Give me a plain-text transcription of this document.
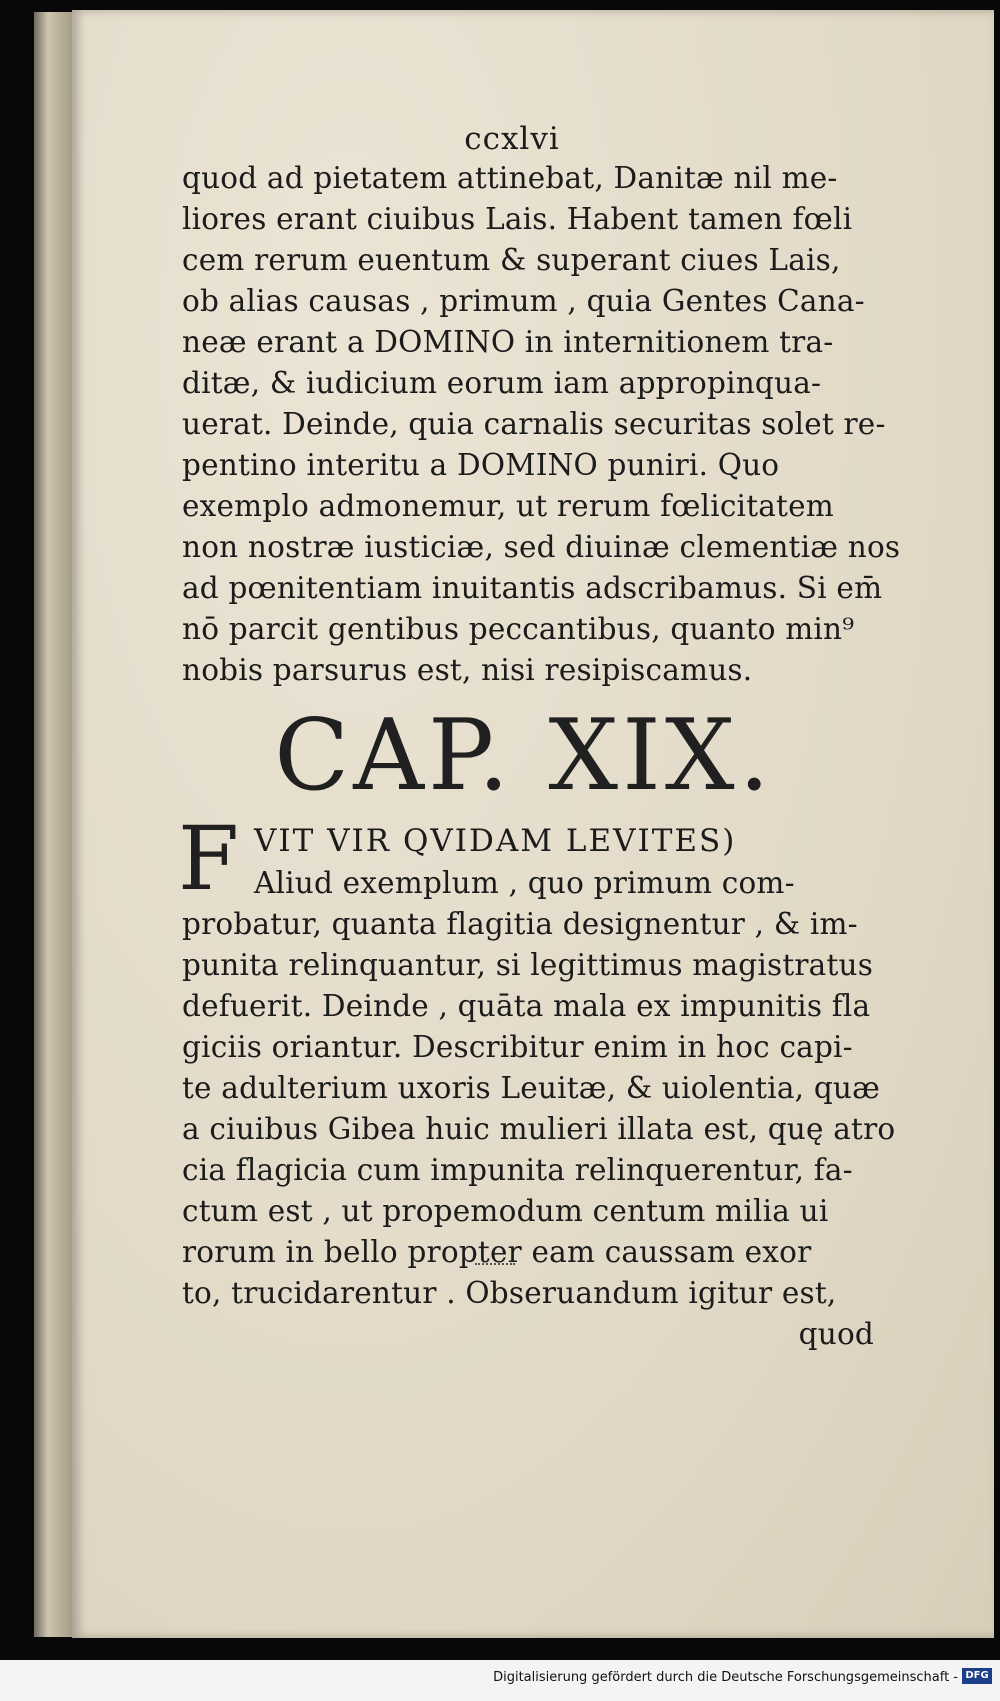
ccxlvi
quod ad pietatem attinebat, Danitæ nil me-
liores erant ciuibus Lais. Habent tamen fœli
cem rerum euentum & superant ciues Lais,
ob alias causas , primum , quia Gentes Cana-
neæ erant a DOMINO in internitionem tra-
ditæ, & iudicium eorum iam appropinqua-
uerat. Deinde, quia carnalis securitas solet re-
pentino interitu a DOMINO puniri. Quo
exemplo admonemur, ut rerum fœlicitatem
non nostræ iusticiæ, sed diuinæ clementiæ nos
ad pœnitentiam inuitantis adscribamus. Si em̄
nō parcit gentibus peccantibus, quanto min⁹
nobis parsurus est, nisi resipiscamus.
CAP. XIX.
F VIT VIR QVIDAM LEVITES)
Aliud exemplum , quo primum com-
probatur, quanta flagitia designentur , & im-
punita relinquantur, si legittimus magistratus
defuerit. Deinde , quāta mala ex impunitis fla
giciis oriantur. Describitur enim in hoc capi-
te adulterium uxoris Leuitæ, & uiolentia, quæ
a ciuibus Gibea huic mulieri illata est, quę atro
cia flagicia cum impunita relinquerentur, fa-
ctum est , ut propemodum centum milia ui
rorum in bello propter eam caussam exor
to, trucidarentur . Obseruandum igitur est,
quod
Digitalisierung gefördert durch die Deutsche Forschungsgemeinschaft - DFG
